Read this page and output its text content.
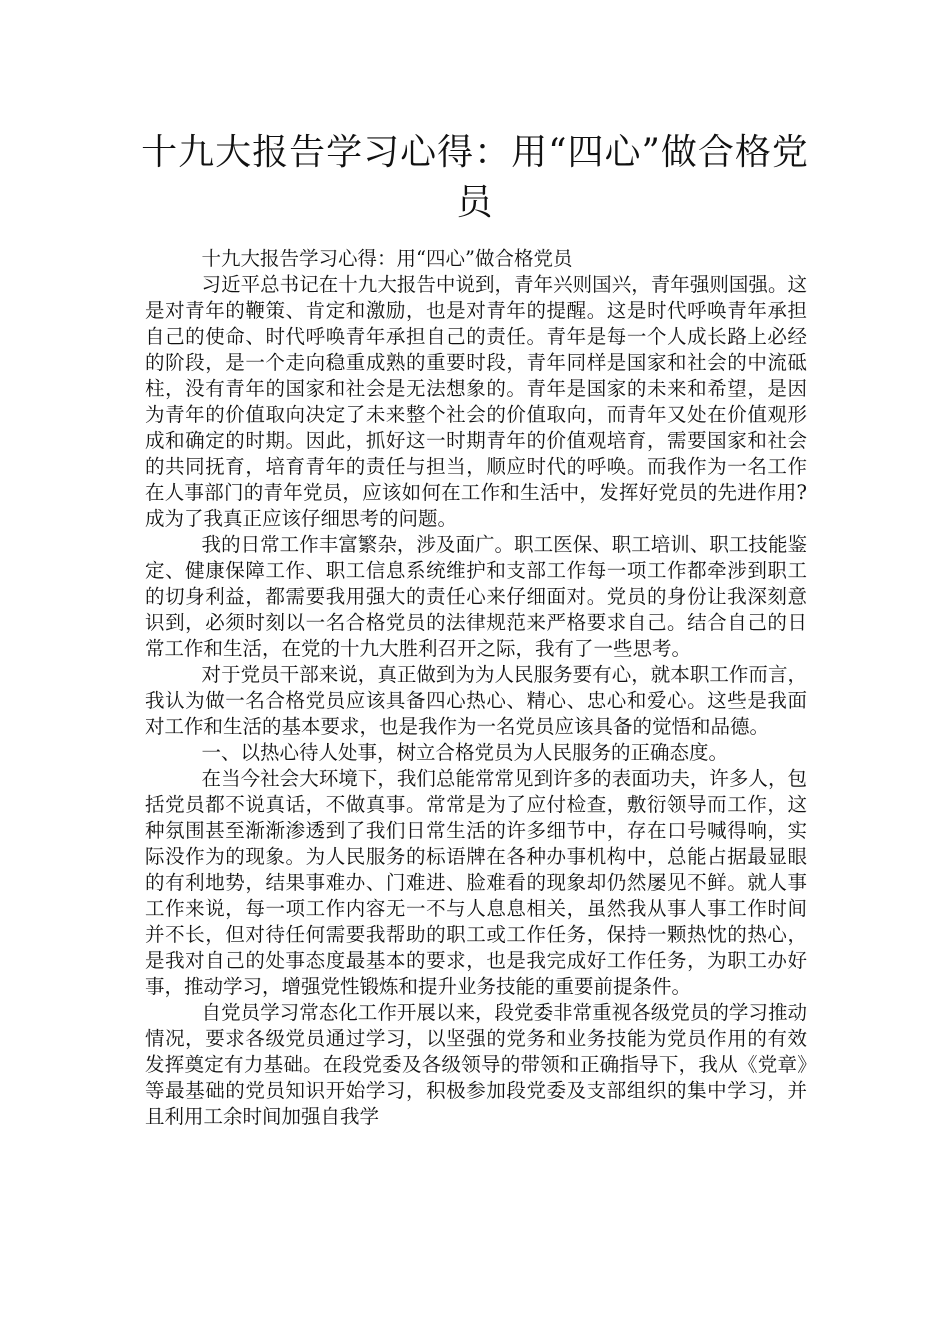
十九大报告学习心得：用“四心”做合格党员

十九大报告学习心得：用“四心”做合格党员

习近平总书记在十九大报告中说到，青年兴则国兴，青年强则国强。这是对青年的鞭策、肯定和激励，也是对青年的提醒。这是时代呼唤青年承担自己的使命、时代呼唤青年承担自己的责任。青年是每一个人成长路上必经的阶段，是一个走向稳重成熟的重要时段，青年同样是国家和社会的中流砥柱，没有青年的国家和社会是无法想象的。青年是国家的未来和希望，是因为青年的价值取向决定了未来整个社会的价值取向，而青年又处在价值观形成和确定的时期。因此，抓好这一时期青年的价值观培育，需要国家和社会的共同抚育，培育青年的责任与担当，顺应时代的呼唤。而我作为一名工作在人事部门的青年党员，应该如何在工作和生活中，发挥好党员的先进作用?成为了我真正应该仔细思考的问题。

我的日常工作丰富繁杂，涉及面广。职工医保、职工培训、职工技能鉴定、健康保障工作、职工信息系统维护和支部工作每一项工作都牵涉到职工的切身利益，都需要我用强大的责任心来仔细面对。党员的身份让我深刻意识到，必须时刻以一名合格党员的法律规范来严格要求自己。结合自己的日常工作和生活，在党的十九大胜利召开之际，我有了一些思考。

对于党员干部来说，真正做到为为人民服务要有心，就本职工作而言，我认为做一名合格党员应该具备四心热心、精心、忠心和爱心。这些是我面对工作和生活的基本要求，也是我作为一名党员应该具备的觉悟和品德。

一、以热心待人处事，树立合格党员为人民服务的正确态度。

在当今社会大环境下，我们总能常常见到许多的表面功夫，许多人，包括党员都不说真话，不做真事。常常是为了应付检查，敷衍领导而工作，这种氛围甚至渐渐渗透到了我们日常生活的许多细节中，存在口号喊得响，实际没作为的现象。为人民服务的标语牌在各种办事机构中，总能占据最显眼的有利地势，结果事难办、门难进、脸难看的现象却仍然屡见不鲜。就人事工作来说，每一项工作内容无一不与人息息相关，虽然我从事人事工作时间并不长，但对待任何需要我帮助的职工或工作任务，保持一颗热忱的热心，是我对自己的处事态度最基本的要求，也是我完成好工作任务，为职工办好事，推动学习，增强党性锻炼和提升业务技能的重要前提条件。

自党员学习常态化工作开展以来，段党委非常重视各级党员的学习推动情况，要求各级党员通过学习，以坚强的党务和业务技能为党员作用的有效发挥奠定有力基础。在段党委及各级领导的带领和正确指导下，我从《党章》等最基础的党员知识开始学习，积极参加段党委及支部组织的集中学习，并且利用工余时间加强自我学
